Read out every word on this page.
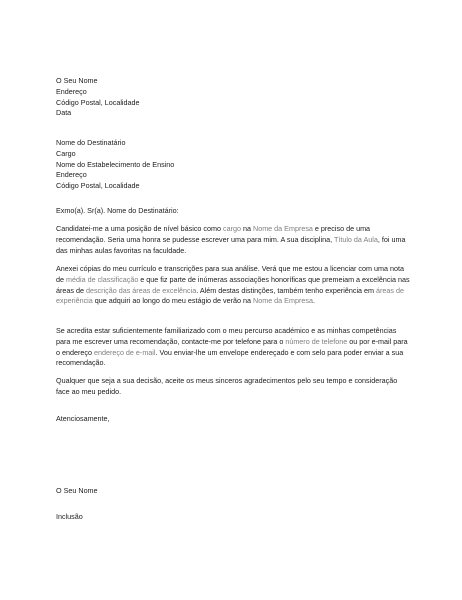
O Seu Nome
Endereço
Código Postal, Localidade
Data
Nome do Destinatário
Cargo
Nome do Estabelecimento de Ensino
Endereço
Código Postal, Localidade
Exmo(a). Sr(a). Nome do Destinatário:

Candidatei-me a uma posição de nível básico como cargo na Nome da Empresa e preciso de uma recomendação. Seria uma honra se pudesse escrever uma para mim. A sua disciplina, Título da Aula, foi uma das minhas aulas favoritas na faculdade.

Anexei cópias do meu currículo e transcrições para sua análise. Verá que me estou a licenciar com uma nota de média de classificação e que fiz parte de inúmeras associações honoríficas que premeiam a excelência nas áreas de descrição das áreas de excelência. Além destas distinções, também tenho experiência em áreas de experiência que adquiri ao longo do meu estágio de verão na Nome da Empresa.

Se acredita estar suficientemente familiarizado com o meu percurso académico e as minhas competências para me escrever uma recomendação, contacte-me por telefone para o número de telefone ou por e-mail para o endereço endereço de e-mail. Vou enviar-lhe um envelope endereçado e com selo para poder enviar a sua recomendação.

Qualquer que seja a sua decisão, aceite os meus sinceros agradecimentos pelo seu tempo e consideração face ao meu pedido.

Atenciosamente,
O Seu Nome
Inclusão
